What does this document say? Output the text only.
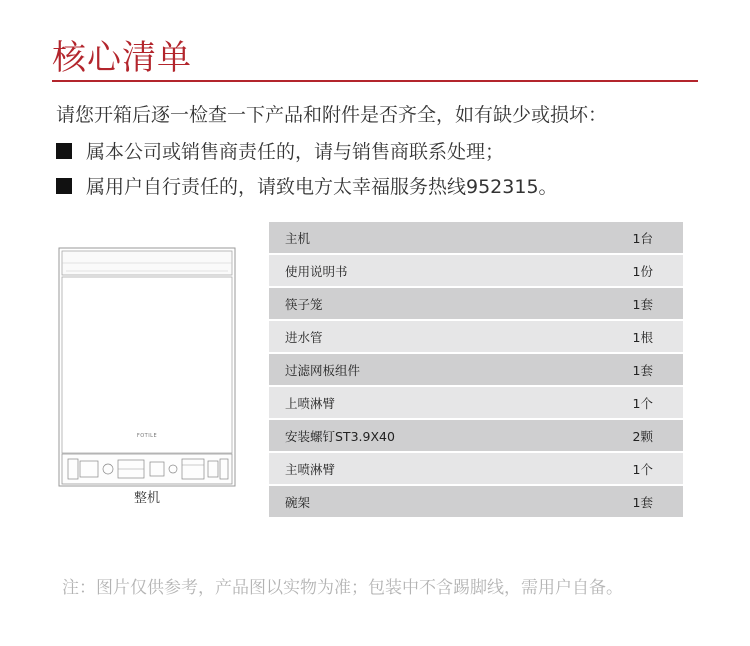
核心清单
请您开箱后逐一检查一下产品和附件是否齐全，如有缺少或损坏：
属本公司或销售商责任的，请与销售商联系处理；
属用户自行责任的，请致电方太幸福服务热线952315。
FOTILE
整机
主机	1台
使用说明书	1份
筷子笼	1套
进水管	1根
过滤网板组件	1套
上喷淋臂	1个
安装螺钉ST3.9X40	2颗
主喷淋臂	1个
碗架	1套
注：图片仅供参考，产品图以实物为准；包装中不含踢脚线，需用户自备。
